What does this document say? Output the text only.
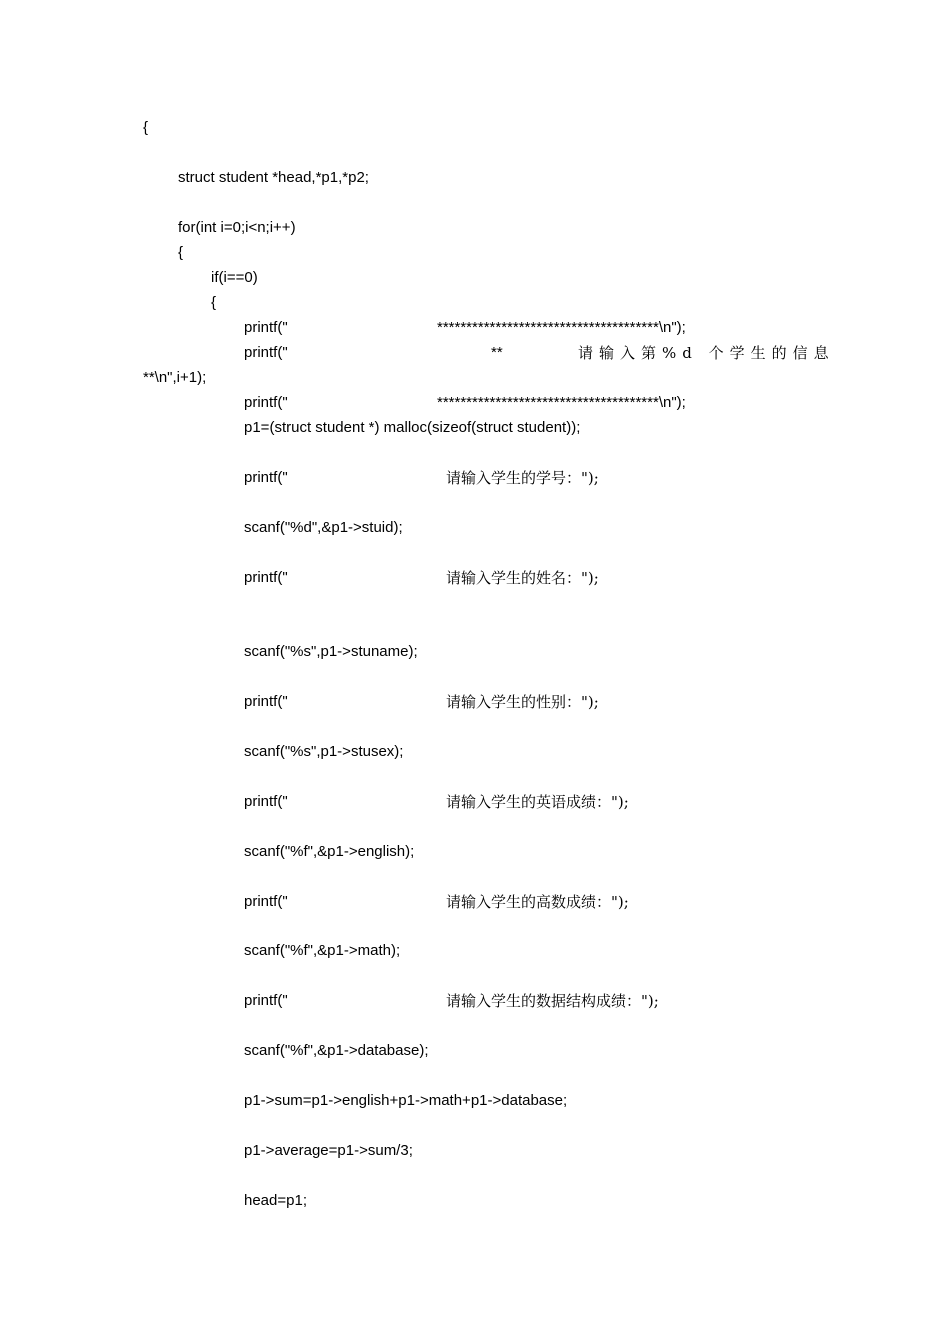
{
struct student *head,*p1,*p2;
for(int i=0;i<n;i++)
{
if(i==0)
{
printf("	**************************************\n");
printf("	**	请输入第%d 个学生的信息
**\n",i+1);
printf("	**************************************\n");
p1=(struct student *) malloc(sizeof(struct student));
printf("	请输入学生的学号：");
scanf("%d",&p1->stuid);
printf("	请输入学生的姓名：");
scanf("%s",p1->stuname);
printf("	请输入学生的性别：");
scanf("%s",p1->stusex);
printf("	请输入学生的英语成绩：");
scanf("%f",&p1->english);
printf("	请输入学生的高数成绩：");
scanf("%f",&p1->math);
printf("	请输入学生的数据结构成绩：");
scanf("%f",&p1->database);
p1->sum=p1->english+p1->math+p1->database;
p1->average=p1->sum/3;
head=p1;
